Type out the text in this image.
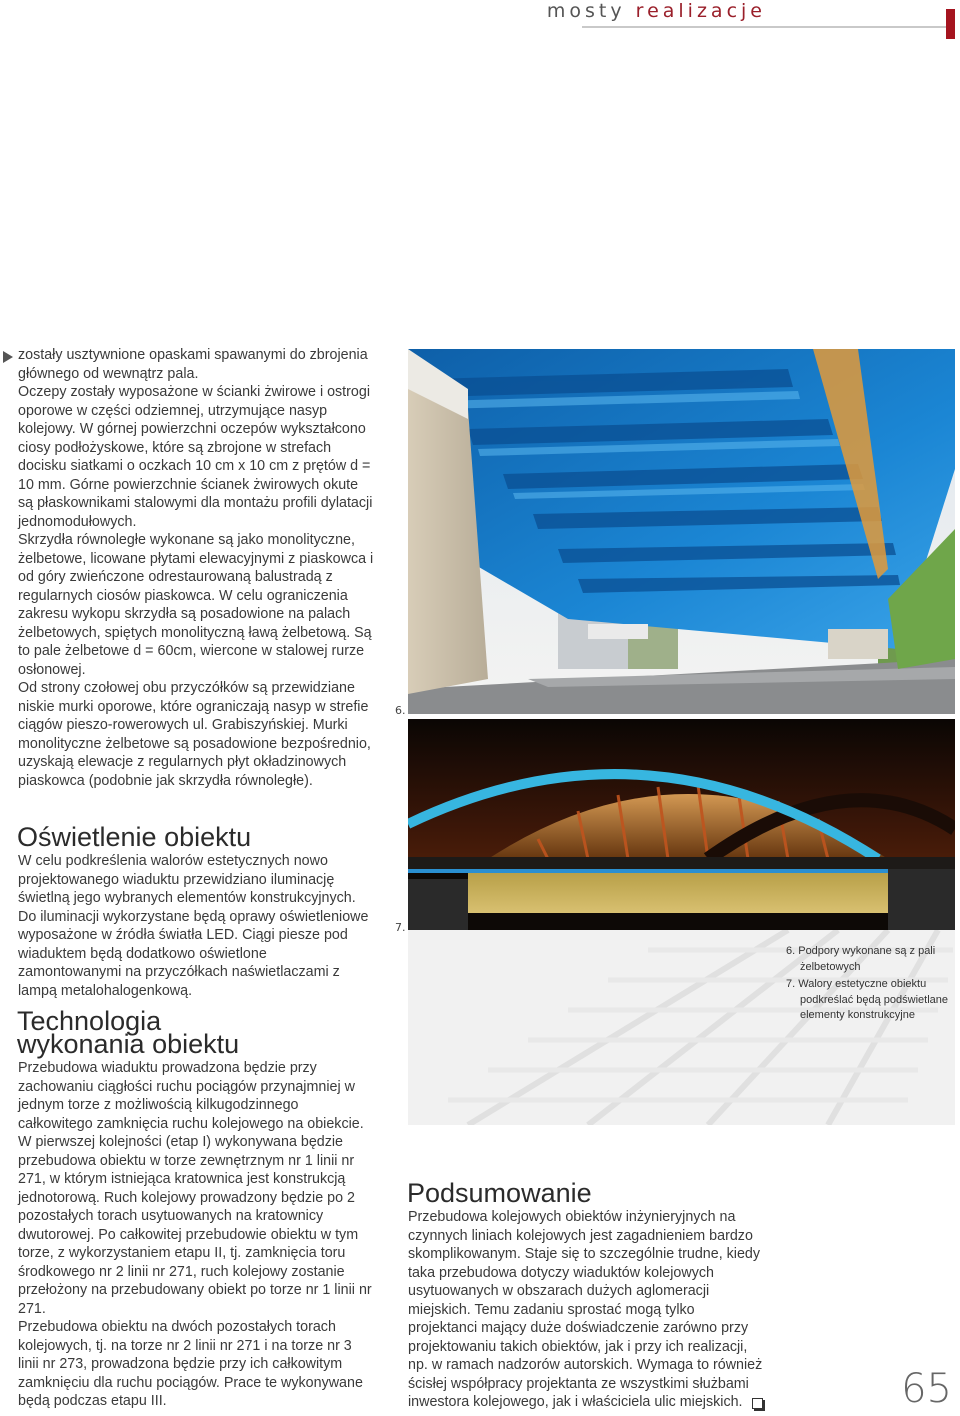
mosty realizacje

zostały usztywnione opaskami spawanymi do zbrojenia głównego od wewnątrz pala.

Oczepy zostały wyposażone w ścianki żwirowe i ostrogi oporowe w części odziemnej, utrzymujące nasyp kolejowy. W górnej powierzchni oczepów wykształcono ciosy podłożyskowe, które są zbrojone w strefach docisku siatkami o oczkach 10 cm x 10 cm z prętów d = 10 mm. Górne powierzchnie ścianek żwirowych okute są płaskownikami stalowymi dla montażu profili dylatacji jednomodułowych.

Skrzydła równoległe wykonane są jako monolityczne, żelbetowe, licowane płytami elewacyjnymi z piaskowca i od góry zwieńczone odrestaurowaną balustradą z regularnych ciosów piaskowca. W celu ograniczenia zakresu wykopu skrzydła są posadowione na palach żelbetowych, spiętych monolityczną ławą żelbetową. Są to pale żelbetowe d = 60cm, wiercone w stalowej rurze osłonowej.

Od strony czołowej obu przyczółków są przewidziane niskie murki oporowe, które ograniczają nasyp w strefie ciągów pieszo-rowerowych ul. Grabiszyńskiej. Murki monolityczne żelbetowe są posadowione bezpośrednio, uzyskają elewacje z regularnych płyt okładzinowych piaskowca (podobnie jak skrzydła równoległe).

Oświetlenie obiektu

W celu podkreślenia walorów estetycznych nowo projektowanego wiaduktu przewidziano iluminację świetlną jego wybranych elementów konstrukcyjnych. Do iluminacji wykorzystane będą oprawy oświetleniowe wyposażone w źródła światła LED. Ciągi piesze pod wiaduktem będą dodatkowo oświetlone zamontowanymi na przyczółkach naświetlaczami z lampą metalohalogenkową.

Technologia
wykonania obiektu

Przebudowa wiaduktu prowadzona będzie przy zachowaniu ciągłości ruchu pociągów przynajmniej w jednym torze z możliwością kilkugodzinnego całkowitego zamknięcia ruchu kolejowego na obiekcie.

W pierwszej kolejności (etap I) wykonywana będzie przebudowa obiektu w torze zewnętrznym nr 1 linii nr 271, w którym istniejąca kratownica jest konstrukcją jednotorową. Ruch kolejowy prowadzony będzie po 2 pozostałych torach usytuowanych na kratownicy dwutorowej. Po całkowitej przebudowie obiektu w tym torze, z wykorzystaniem etapu II, tj. zamknięcia toru środkowego nr 2 linii nr 271, ruch kolejowy zostanie przełożony na przebudowany obiekt po torze nr 1 linii nr 271.

Przebudowa obiektu na dwóch pozostałych torach kolejowych, tj. na torze nr 2 linii nr 271 i na torze nr 3 linii nr 273, prowadzona będzie przy ich całkowitym zamknięciu dla ruchu pociągów. Prace te wykonywane będą podczas etapu III.

6.
7.
6. Podpory wykonane są z pali żelbetowych
7. Walory estetyczne obiektu podkreślać będą podświetlane elementy konstrukcyjne
Podsumowanie

Przebudowa kolejowych obiektów inżynieryjnych na czynnych liniach kolejowych jest zagadnieniem bardzo skomplikowanym. Staje się to szczególnie trudne, kiedy taka przebudowa dotyczy wiaduktów kolejowych usytuowanych w obszarach dużych aglomeracji miejskich. Temu zadaniu sprostać mogą tylko projektanci mający duże doświadczenie zarówno przy projektowaniu takich obiektów, jak i przy ich realizacji, np. w ramach nadzorów autorskich. Wymaga to również ścisłej współpracy projektanta ze wszystkimi służbami inwestora kolejowego, jak i właściciela ulic miejskich.	65
